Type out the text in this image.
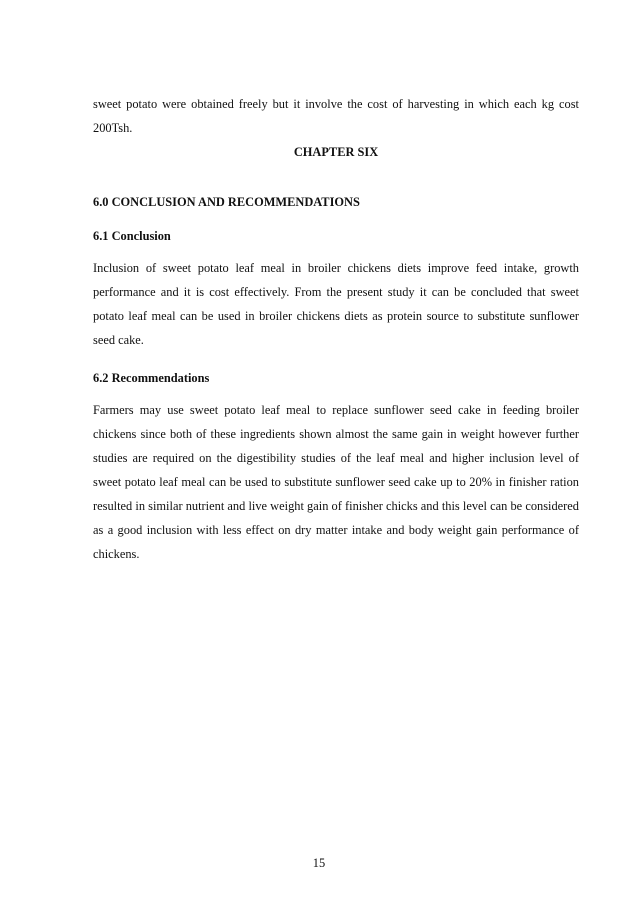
sweet potato were obtained freely but it involve the cost of harvesting in which each kg cost 200Tsh.

CHAPTER SIX

6.0 CONCLUSION AND RECOMMENDATIONS

6.1 Conclusion

Inclusion of sweet potato leaf meal in broiler chickens diets improve feed intake, growth performance and it is cost effectively. From the present study it can be concluded that sweet potato leaf meal can be used in broiler chickens diets as protein source to substitute sunflower seed cake.

6.2 Recommendations

Farmers may use sweet potato leaf meal to replace sunflower seed cake in feeding broiler chickens since both of these ingredients shown almost the same gain in weight however further studies are required on the digestibility studies of the leaf meal and higher inclusion level of sweet potato leaf meal can be used to substitute sunflower seed cake up to 20% in finisher ration resulted in similar nutrient and live weight gain of finisher chicks and this level can be considered as a good inclusion with less effect on dry matter intake and body weight gain performance of chickens.

15
